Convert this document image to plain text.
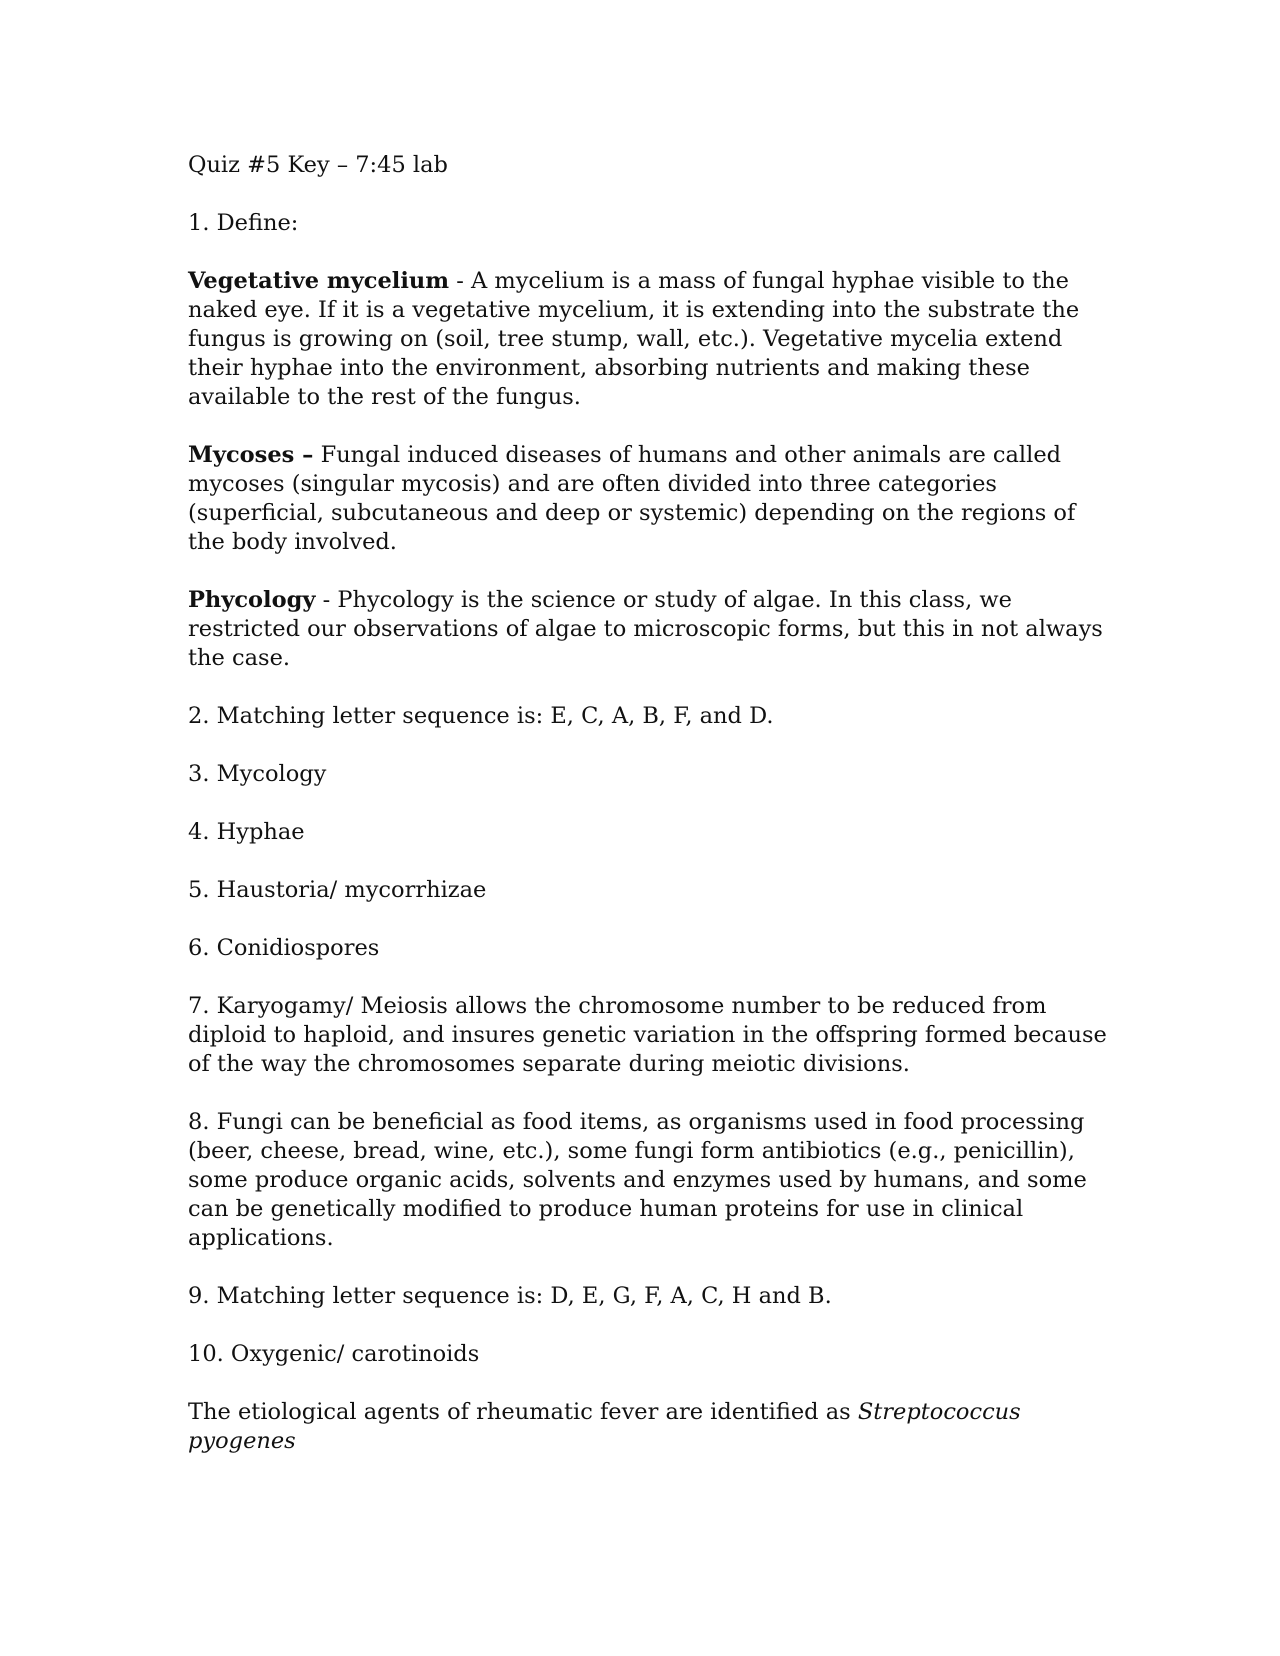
Quiz #5 Key – 7:45 lab

1. Define:

Vegetative mycelium - A mycelium is a mass of fungal hyphae visible to the naked eye. If it is a vegetative mycelium, it is extending into the substrate the fungus is growing on (soil, tree stump, wall, etc.). Vegetative mycelia extend their hyphae into the environment, absorbing nutrients and making these available to the rest of the fungus.

Mycoses – Fungal induced diseases of humans and other animals are called mycoses (singular mycosis) and are often divided into three categories (superficial, subcutaneous and deep or systemic) depending on the regions of the body involved.

Phycology - Phycology is the science or study of algae. In this class, we restricted our observations of algae to microscopic forms, but this in not always the case.

2. Matching letter sequence is: E, C, A, B, F, and D.

3. Mycology

4. Hyphae

5. Haustoria/ mycorrhizae

6. Conidiospores

7. Karyogamy/ Meiosis allows the chromosome number to be reduced from diploid to haploid, and insures genetic variation in the offspring formed because of the way the chromosomes separate during meiotic divisions.

8. Fungi can be beneficial as food items, as organisms used in food processing (beer, cheese, bread, wine, etc.), some fungi form antibiotics (e.g., penicillin), some produce organic acids, solvents and enzymes used by humans, and some can be genetically modified to produce human proteins for use in clinical applications.

9. Matching letter sequence is: D, E, G, F, A, C, H and B.

10. Oxygenic/ carotinoids

The etiological agents of rheumatic fever are identified as Streptococcus pyogenes
